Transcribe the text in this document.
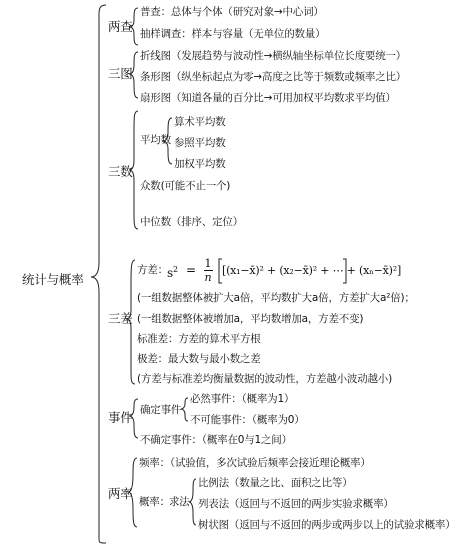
统计与概率
两查
普查：总体与个体（研究对象→中心词）
抽样调查：样本与容量（无单位的数量）
三图
折线图（发展趋势与波动性→横纵轴坐标单位长度要统一）
条形图（纵坐标起点为零→高度之比等于频数或频率之比）
扇形图（知道各量的百分比→可用加权平均数求平均值）
三数
平均数
算术平均数
参照平均数
加权平均数
众数(可能不止一个)
中位数（排序、定位）
三差
方差： $s^2 = 1$
n
[(x₁−x̄)² + (x₂−x̄)² + ⋯ + (xₙ−x̄)²]
(一组数据整体被扩大a倍，平均数扩大a倍，方差扩大a²倍)；
(一组数据整体被增加a，平均数增加a，方差不变)
标准差：方差的算术平方根
极差：最大数与最小数之差
(方差与标准差均衡量数据的波动性，方差越小波动越小)
事件 确定事件
必然事件：（概率为1）
不可能事件：（概率为0）
不确定事件：（概率在0与1之间）
两率
频率：（试验值，多次试验后频率会接近理论概率）
概率： 求法
比例法（数量之比、面积之比等）
列表法（返回与不返回的两步实验求概率）
树状图（返回与不返回的两步或两步以上的试验求概率）
